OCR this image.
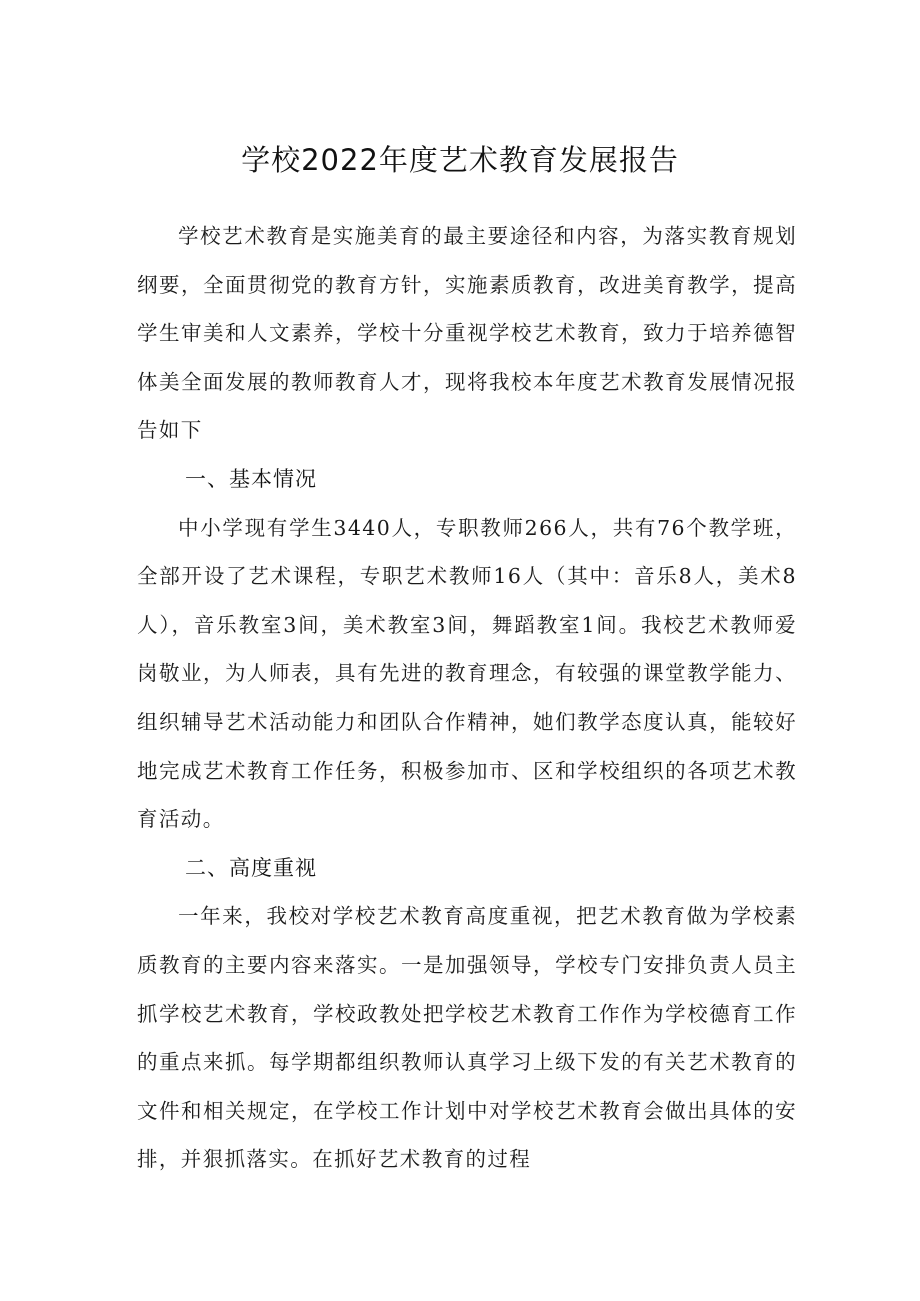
学校2022年度艺术教育发展报告

学校艺术教育是实施美育的最主要途径和内容，为落实教育规划纲要，全面贯彻党的教育方针，实施素质教育，改进美育教学，提高学生审美和人文素养，学校十分重视学校艺术教育，致力于培养德智体美全面发展的教师教育人才，现将我校本年度艺术教育发展情况报告如下

一、基本情况

中小学现有学生3440人，专职教师266人，共有76个教学班，全部开设了艺术课程，专职艺术教师16人（其中：音乐8人，美术8人），音乐教室3间，美术教室3间，舞蹈教室1间。我校艺术教师爱岗敬业，为人师表，具有先进的教育理念，有较强的课堂教学能力、组织辅导艺术活动能力和团队合作精神，她们教学态度认真，能较好地完成艺术教育工作任务，积极参加市、区和学校组织的各项艺术教育活动。

二、高度重视

一年来，我校对学校艺术教育高度重视，把艺术教育做为学校素质教育的主要内容来落实。一是加强领导，学校专门安排负责人员主抓学校艺术教育，学校政教处把学校艺术教育工作作为学校德育工作的重点来抓。每学期都组织教师认真学习上级下发的有关艺术教育的文件和相关规定，在学校工作计划中对学校艺术教育会做出具体的安排，并狠抓落实。在抓好艺术教育的过程
